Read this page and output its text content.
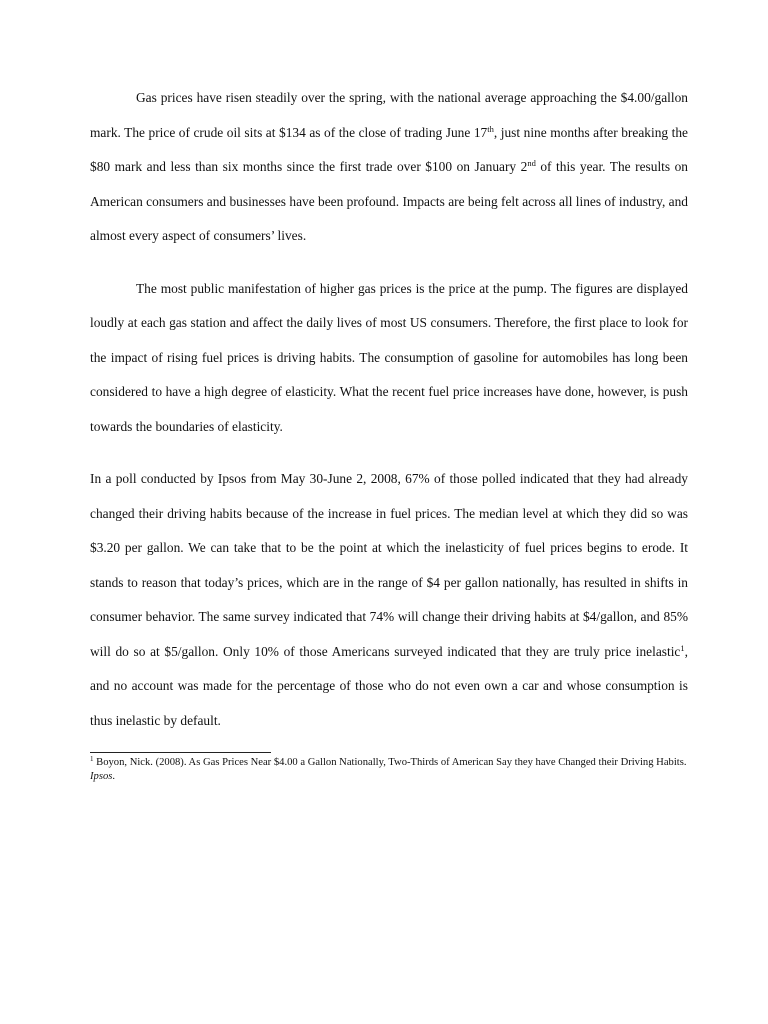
Gas prices have risen steadily over the spring, with the national average approaching the $4.00/gallon mark. The price of crude oil sits at $134 as of the close of trading June 17th, just nine months after breaking the $80 mark and less than six months since the first trade over $100 on January 2nd of this year. The results on American consumers and businesses have been profound. Impacts are being felt across all lines of industry, and almost every aspect of consumers’ lives.

The most public manifestation of higher gas prices is the price at the pump. The figures are displayed loudly at each gas station and affect the daily lives of most US consumers. Therefore, the first place to look for the impact of rising fuel prices is driving habits. The consumption of gasoline for automobiles has long been considered to have a high degree of elasticity. What the recent fuel price increases have done, however, is push towards the boundaries of elasticity.

In a poll conducted by Ipsos from May 30-June 2, 2008, 67% of those polled indicated that they had already changed their driving habits because of the increase in fuel prices. The median level at which they did so was $3.20 per gallon. We can take that to be the point at which the inelasticity of fuel prices begins to erode. It stands to reason that today’s prices, which are in the range of $4 per gallon nationally, has resulted in shifts in consumer behavior. The same survey indicated that 74% will change their driving habits at $4/gallon, and 85% will do so at $5/gallon. Only 10% of those Americans surveyed indicated that they are truly price inelastic$^1$, and no account was made for the percentage of those who do not even own a car and whose consumption is thus inelastic by default.

$^1$ Boyon, Nick. (2008). As Gas Prices Near $4.00 a Gallon Nationally, Two-Thirds of American Say they have Changed their Driving Habits. Ipsos.
